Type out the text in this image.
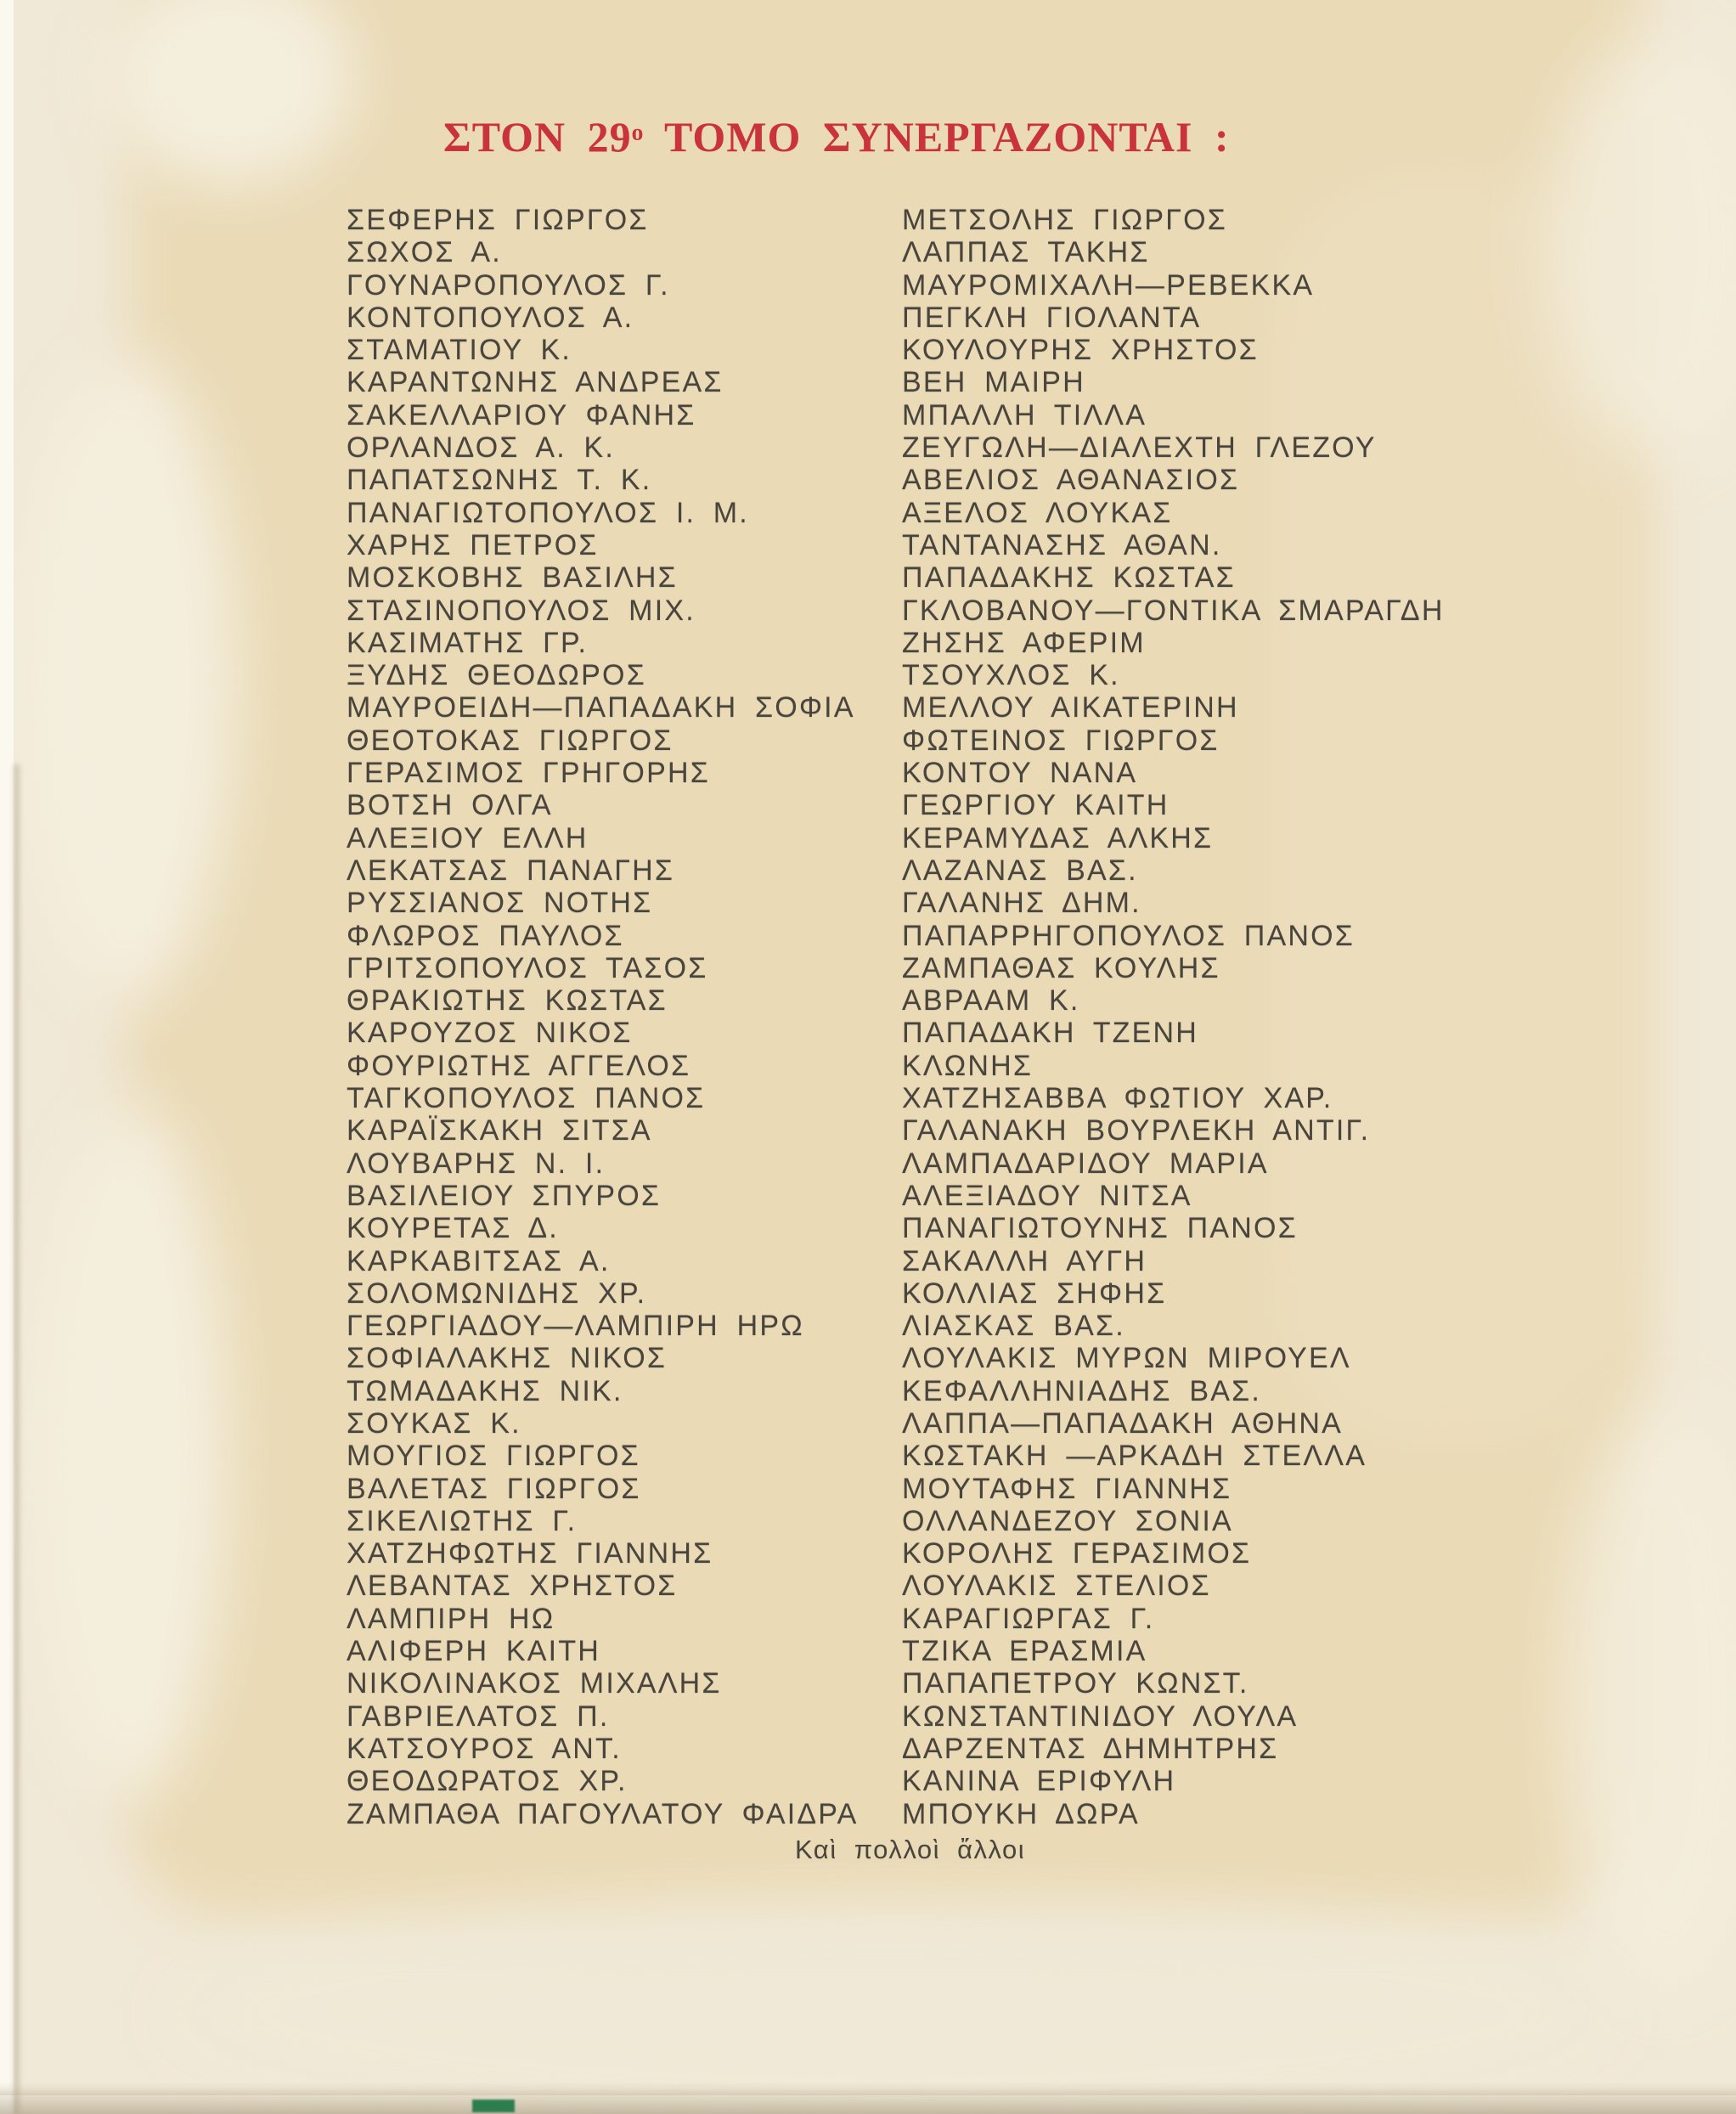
ΣΤΟΝ $29^o$ ΤΟΜΟ ΣΥΝΕΡΓΑΖΟΝΤΑΙ :
ΣΕΦΕΡΗΣ ΓΙΩΡΓΟΣ
ΣΩΧΟΣ Α.
ΓΟΥΝΑΡΟΠΟΥΛΟΣ Γ.
ΚΟΝΤΟΠΟΥΛΟΣ Α.
ΣΤΑΜΑΤΙΟΥ Κ.
ΚΑΡΑΝΤΩΝΗΣ ΑΝΔΡΕΑΣ
ΣΑΚΕΛΛΑΡΙΟΥ ΦΑΝΗΣ
ΟΡΛΑΝΔΟΣ Α. Κ.
ΠΑΠΑΤΣΩΝΗΣ Τ. Κ.
ΠΑΝΑΓΙΩΤΟΠΟΥΛΟΣ Ι. Μ.
ΧΑΡΗΣ ΠΕΤΡΟΣ
ΜΟΣΚΟΒΗΣ ΒΑΣΙΛΗΣ
ΣΤΑΣΙΝΟΠΟΥΛΟΣ ΜΙΧ.
ΚΑΣΙΜΑΤΗΣ ΓΡ.
ΞΥΔΗΣ ΘΕΟΔΩΡΟΣ
ΜΑΥΡΟΕΙΔΗ—ΠΑΠΑΔΑΚΗ ΣΟΦΙΑ
ΘΕΟΤΟΚΑΣ ΓΙΩΡΓΟΣ
ΓΕΡΑΣΙΜΟΣ ΓΡΗΓΟΡΗΣ
ΒΟΤΣΗ ΟΛΓΑ
ΑΛΕΞΙΟΥ ΕΛΛΗ
ΛΕΚΑΤΣΑΣ ΠΑΝΑΓΗΣ
ΡΥΣΣΙΑΝΟΣ ΝΟΤΗΣ
ΦΛΩΡΟΣ ΠΑΥΛΟΣ
ΓΡΙΤΣΟΠΟΥΛΟΣ ΤΑΣΟΣ
ΘΡΑΚΙΩΤΗΣ ΚΩΣΤΑΣ
ΚΑΡΟΥΖΟΣ ΝΙΚΟΣ
ΦΟΥΡΙΩΤΗΣ ΑΓΓΕΛΟΣ
ΤΑΓΚΟΠΟΥΛΟΣ ΠΑΝΟΣ
ΚΑΡΑΪΣΚΑΚΗ ΣΙΤΣΑ
ΛΟΥΒΑΡΗΣ Ν. Ι.
ΒΑΣΙΛΕΙΟΥ ΣΠΥΡΟΣ
ΚΟΥΡΕΤΑΣ Δ.
ΚΑΡΚΑΒΙΤΣΑΣ Α.
ΣΟΛΟΜΩΝΙΔΗΣ ΧΡ.
ΓΕΩΡΓΙΑΔΟΥ—ΛΑΜΠΙΡΗ ΗΡΩ
ΣΟΦΙΑΛΑΚΗΣ ΝΙΚΟΣ
ΤΩΜΑΔΑΚΗΣ ΝΙΚ.
ΣΟΥΚΑΣ Κ.
ΜΟΥΓΙΟΣ ΓΙΩΡΓΟΣ
ΒΑΛΕΤΑΣ ΓΙΩΡΓΟΣ
ΣΙΚΕΛΙΩΤΗΣ Γ.
ΧΑΤΖΗΦΩΤΗΣ ΓΙΑΝΝΗΣ
ΛΕΒΑΝΤΑΣ ΧΡΗΣΤΟΣ
ΛΑΜΠΙΡΗ ΗΩ
ΑΛΙΦΕΡΗ ΚΑΙΤΗ
ΝΙΚΟΛΙΝΑΚΟΣ ΜΙΧΑΛΗΣ
ΓΑΒΡΙΕΛΑΤΟΣ Π.
ΚΑΤΣΟΥΡΟΣ ΑΝΤ.
ΘΕΟΔΩΡΑΤΟΣ ΧΡ.
ΖΑΜΠΑΘΑ ΠΑΓΟΥΛΑΤΟΥ ΦΑΙΔΡΑ
ΜΕΤΣΟΛΗΣ ΓΙΩΡΓΟΣ
ΛΑΠΠΑΣ ΤΑΚΗΣ
ΜΑΥΡΟΜΙΧΑΛΗ—ΡΕΒΕΚΚΑ
ΠΕΓΚΛΗ ΓΙΟΛΑΝΤΑ
ΚΟΥΛΟΥΡΗΣ ΧΡΗΣΤΟΣ
ΒΕΗ ΜΑΙΡΗ
ΜΠΑΛΛΗ ΤΙΛΛΑ
ΖΕΥΓΩΛΗ—ΔΙΑΛΕΧΤΗ ΓΛΕΖΟΥ
ΑΒΕΛΙΟΣ ΑΘΑΝΑΣΙΟΣ
ΑΞΕΛΟΣ ΛΟΥΚΑΣ
ΤΑΝΤΑΝΑΣΗΣ ΑΘΑΝ.
ΠΑΠΑΔΑΚΗΣ ΚΩΣΤΑΣ
ΓΚΛΟΒΑΝΟΥ—ΓΟΝΤΙΚΑ ΣΜΑΡΑΓΔΗ
ΖΗΣΗΣ ΑΦΕΡΙΜ
ΤΣΟΥΧΛΟΣ Κ.
ΜΕΛΛΟΥ ΑΙΚΑΤΕΡΙΝΗ
ΦΩΤΕΙΝΟΣ ΓΙΩΡΓΟΣ
ΚΟΝΤΟΥ ΝΑΝΑ
ΓΕΩΡΓΙΟΥ ΚΑΙΤΗ
ΚΕΡΑΜΥΔΑΣ ΑΛΚΗΣ
ΛΑΖΑΝΑΣ ΒΑΣ.
ΓΑΛΑΝΗΣ ΔΗΜ.
ΠΑΠΑΡΡΗΓΟΠΟΥΛΟΣ ΠΑΝΟΣ
ΖΑΜΠΑΘΑΣ ΚΟΥΛΗΣ
ΑΒΡΑΑΜ Κ.
ΠΑΠΑΔΑΚΗ ΤΖΕΝΗ
ΚΛΩΝΗΣ
ΧΑΤΖΗΣΑΒΒΑ ΦΩΤΙΟΥ ΧΑΡ.
ΓΑΛΑΝΑΚΗ ΒΟΥΡΛΕΚΗ ΑΝΤΙΓ.
ΛΑΜΠΑΔΑΡΙΔΟΥ ΜΑΡΙΑ
ΑΛΕΞΙΑΔΟΥ ΝΙΤΣΑ
ΠΑΝΑΓΙΩΤΟΥΝΗΣ ΠΑΝΟΣ
ΣΑΚΑΛΛΗ ΑΥΓΗ
ΚΟΛΛΙΑΣ ΣΗΦΗΣ
ΛΙΑΣΚΑΣ ΒΑΣ.
ΛΟΥΛΑΚΙΣ ΜΥΡΩΝ ΜΙΡΟΥΕΛ
ΚΕΦΑΛΛΗΝΙΑΔΗΣ ΒΑΣ.
ΛΑΠΠΑ—ΠΑΠΑΔΑΚΗ ΑΘΗΝΑ
ΚΩΣΤΑΚΗ —ΑΡΚΑΔΗ ΣΤΕΛΛΑ
ΜΟΥΤΑΦΗΣ ΓΙΑΝΝΗΣ
ΟΛΛΑΝΔΕΖΟΥ ΣΟΝΙΑ
ΚΟΡΟΛΗΣ ΓΕΡΑΣΙΜΟΣ
ΛΟΥΛΑΚΙΣ ΣΤΕΛΙΟΣ
ΚΑΡΑΓΙΩΡΓΑΣ Γ.
ΤΖΙΚΑ ΕΡΑΣΜΙΑ
ΠΑΠΑΠΕΤΡΟΥ ΚΩΝΣΤ.
ΚΩΝΣΤΑΝΤΙΝΙΔΟΥ ΛΟΥΛΑ
ΔΑΡΖΕΝΤΑΣ ΔΗΜΗΤΡΗΣ
ΚΑΝΙΝΑ ΕΡΙΦΥΛΗ
ΜΠΟΥΚΗ ΔΩΡΑ
Καὶ πολλοὶ ἄλλοι
